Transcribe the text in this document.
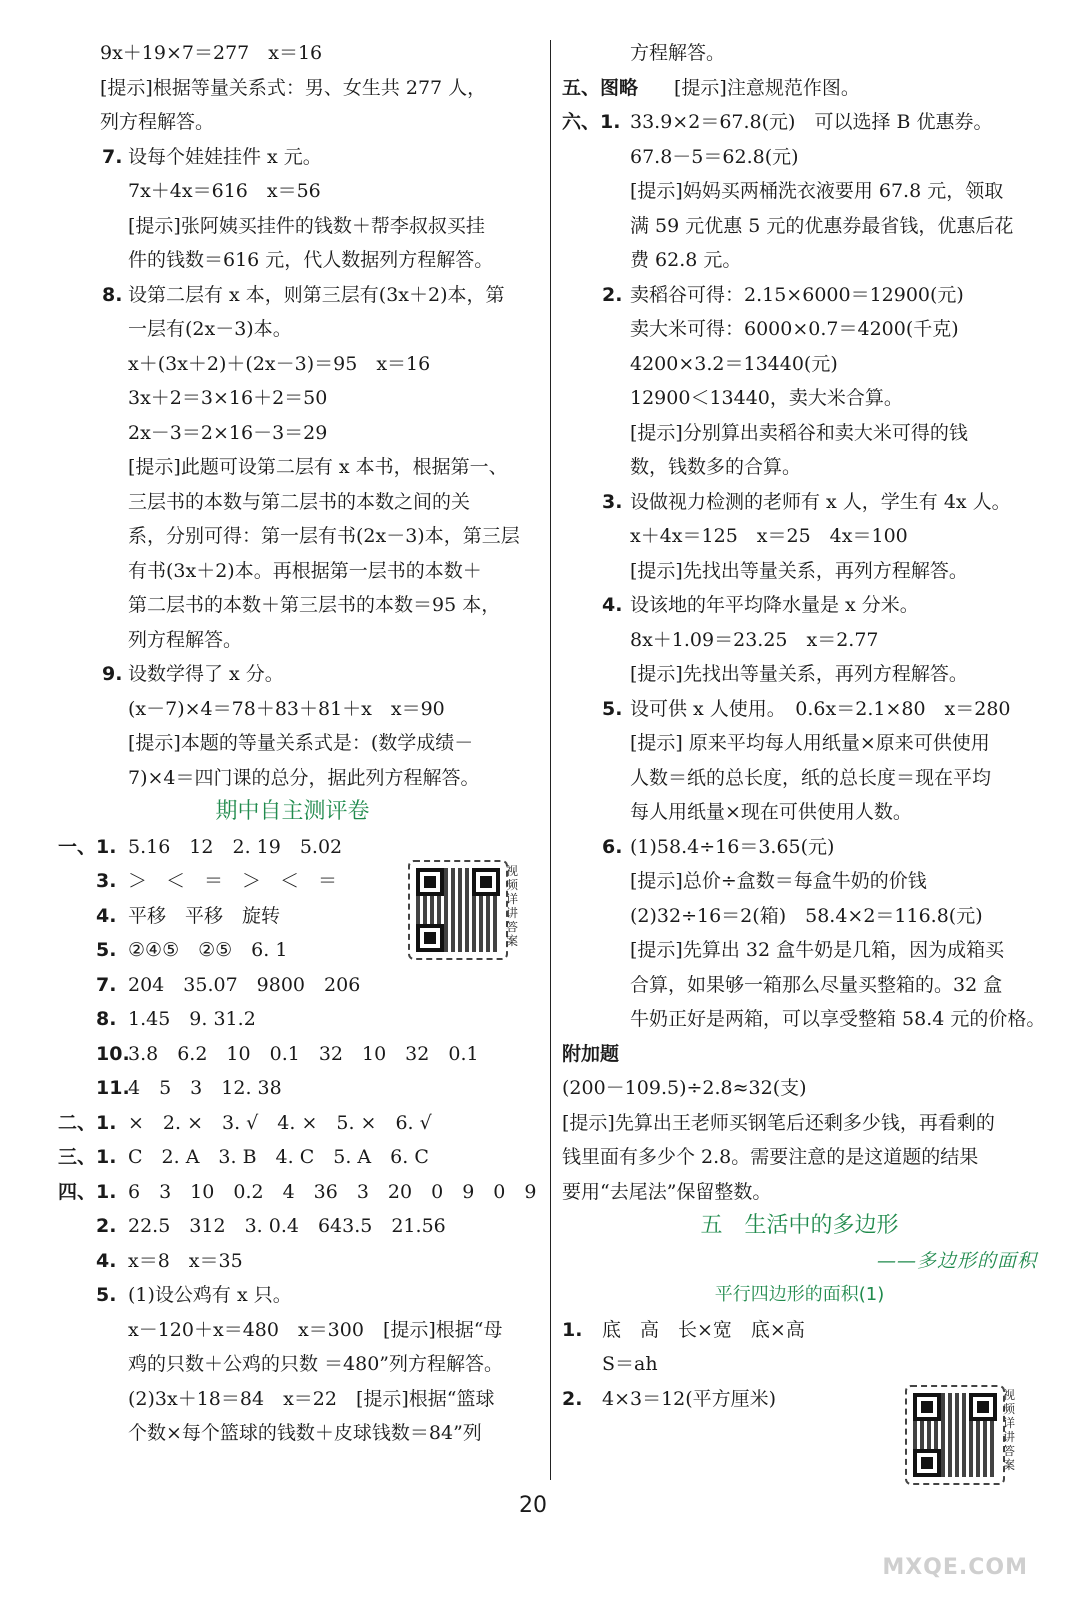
9x＋19×7＝277　x＝16
[提示]根据等量关系式：男、女生共 277 人，
列方程解答。
7. 设每个娃娃挂件 x 元。
7x＋4x＝616　x＝56
[提示]张阿姨买挂件的钱数＋帮李叔叔买挂
件的钱数＝616 元，代人数据列方程解答。
8. 设第二层有 x 本，则第三层有(3x＋2)本，第
一层有(2x－3)本。
x＋(3x＋2)＋(2x－3)＝95　x＝16
3x＋2＝3×16＋2＝50
2x－3＝2×16－3＝29
[提示]此题可设第二层有 x 本书，根据第一、
三层书的本数与第二层书的本数之间的关
系，分别可得：第一层有书(2x－3)本，第三层
有书(3x＋2)本。再根据第一层书的本数＋
第二层书的本数＋第三层书的本数＝95 本，
列方程解答。
9. 设数学得了 x 分。
(x－7)×4＝78＋83＋81＋x　x＝90
[提示]本题的等量关系式是：(数学成绩－
7)×4＝四门课的总分，据此列方程解答。
期中自主测评卷
一、1. 5.16　12　2. 19　5.02
3. ＞　＜　＝　＞　＜　＝
4. 平移　平移　旋转
5. ②④⑤　②⑤　6. 1
7. 204　35.07　9800　206
8. 1.45　9. 31.2
10.
3.8　6.2　10　0.1　32　10　32　0.1
11.
4　5　3　12. 38
二、1. ×　2. ×　3. √　4. ×　5. ×　6. √
三、1. C　2. A　3. B　4. C　5. A　6. C
四、1. 6　3　10　0.2　4　36　3　20　0　9　0　9
2. 22.5　312　3. 0.4　643.5　21.56
4. x＝8　x＝35
5. (1)设公鸡有 x 只。
x－120＋x＝480　x＝300　[提示]根据“母
鸡的只数＋公鸡的只数 ＝480”列方程解答。
(2)3x＋18＝84　x＝22　[提示]根据“篮球
个数×每个篮球的钱数＋皮球钱数＝84”列
方程解答。
五、图略 [提示]注意规范作图。
六、1. 33.9×2＝67.8(元)　可以选择 B 优惠券。
67.8－5＝62.8(元)
[提示]妈妈买两桶洗衣液要用 67.8 元，领取
满 59 元优惠 5 元的优惠券最省钱，优惠后花
费 62.8 元。
2. 卖稻谷可得：2.15×6000＝12900(元)
卖大米可得：6000×0.7＝4200(千克)
4200×3.2＝13440(元)
12900＜13440，卖大米合算。
[提示]分别算出卖稻谷和卖大米可得的钱
数，钱数多的合算。
3. 设做视力检测的老师有 x 人，学生有 4x 人。
x＋4x＝125　x＝25　4x＝100
[提示]先找出等量关系，再列方程解答。
4. 设该地的年平均降水量是 x 分米。
8x＋1.09＝23.25　x＝2.77
[提示]先找出等量关系，再列方程解答。
5. 设可供 x 人使用。　0.6x＝2.1×80　x＝280
[提示] 原来平均每人用纸量×原来可供使用
人数＝纸的总长度，纸的总长度＝现在平均
每人用纸量×现在可供使用人数。
6. (1)58.4÷16＝3.65(元)
[提示]总价÷盒数＝每盒牛奶的价钱
(2)32÷16＝2(箱)　58.4×2＝116.8(元)
[提示]先算出 32 盒牛奶是几箱，因为成箱买
合算，如果够一箱那么尽量买整箱的。32 盒
牛奶正好是两箱，可以享受整箱 58.4 元的价格。
附加题
(200－109.5)÷2.8≈32(支)
[提示]先算出王老师买钢笔后还剩多少钱，再看剩的
钱里面有多少个 2.8。需要注意的是这道题的结果
要用“去尾法”保留整数。
五　生活中的多边形
——多边形的面积
平行四边形的面积(1)
1. 底　高　长×宽　底×高
S＝ah
2. 4×3＝12(平方厘米)
视频详讲答案
视频详讲答案
20
MXQE.COM
